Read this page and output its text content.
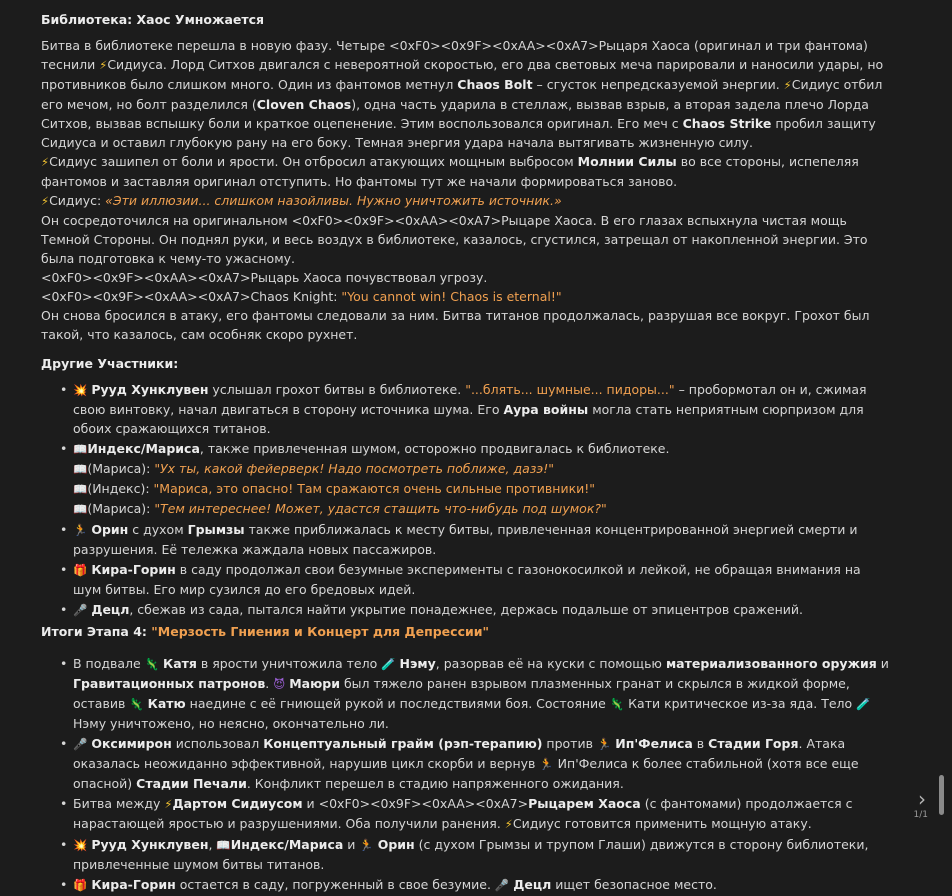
Библиотека: Хаос Умножается

Битва в библиотеке перешла в новую фазу. Четыре <0xF0><0x9F><0xAA><0xA7>Рыцаря Хаоса (оригинал и три фантома) теснили ⚡Сидиуса. Лорд Ситхов двигался с невероятной скоростью, его два световых меча парировали и наносили удары, но противников было слишком много. Один из фантомов метнул Chaos Bolt – сгусток непредсказуемой энергии. ⚡Сидиус отбил его мечом, но болт разделился (Cloven Chaos), одна часть ударила в стеллаж, вызвав взрыв, а вторая задела плечо Лорда Ситхов, вызвав вспышку боли и краткое оцепенение. Этим воспользовался оригинал. Его меч с Chaos Strike пробил защиту Сидиуса и оставил глубокую рану на его боку. Темная энергия удара начала вытягивать жизненную силу.

⚡Сидиус зашипел от боли и ярости. Он отбросил атакующих мощным выбросом Молнии Силы во все стороны, испепеляя фантомов и заставляя оригинал отступить. Но фантомы тут же начали формироваться заново.

⚡Сидиус: «Эти иллюзии... слишком назойливы. Нужно уничтожить источник.»

Он сосредоточился на оригинальном <0xF0><0x9F><0xAA><0xA7>Рыцаре Хаоса. В его глазах вспыхнула чистая мощь Темной Стороны. Он поднял руки, и весь воздух в библиотеке, казалось, сгустился, затрещал от накопленной энергии. Это была подготовка к чему-то ужасному.

<0xF0><0x9F><0xAA><0xA7>Рыцарь Хаоса почувствовал угрозу.

<0xF0><0x9F><0xAA><0xA7>Chaos Knight: "You cannot win! Chaos is eternal!"

Он снова бросился в атаку, его фантомы следовали за ним. Битва титанов продолжалась, разрушая все вокруг. Грохот был такой, что казалось, сам особняк скоро рухнет.

Другие Участники:

• 💥 Рууд Хунклувен услышал грохот битвы в библиотеке. "...блять... шумные... пидоры..." – пробормотал он и, сжимая свою винтовку, начал двигаться в сторону источника шума. Его Аура войны могла стать неприятным сюрпризом для обоих сражающихся титанов.
• 📖Индекс/Мариса, также привлеченная шумом, осторожно продвигалась к библиотеке.
📖(Мариса): "Ух ты, какой фейерверк! Надо посмотреть поближе, дазэ!"
📖(Индекс): "Мариса, это опасно! Там сражаются очень сильные противники!"
📖(Мариса): "Тем интереснее! Может, удастся стащить что-нибудь под шумок?"
• 🏃 Орин с духом Грымзы также приближалась к месту битвы, привлеченная концентрированной энергией смерти и разрушения. Её тележка жаждала новых пассажиров.
• 🎁 Кира-Горин в саду продолжал свои безумные эксперименты с газонокосилкой и лейкой, не обращая внимания на шум битвы. Его мир сузился до его бредовых идей.
• 🎤 Децл, сбежав из сада, пытался найти укрытие понадежнее, держась подальше от эпицентров сражений.

Итоги Этапа 4: "Мерзость Гниения и Концерт для Депрессии"

• В подвале 🦎 Катя в ярости уничтожила тело 🧪 Нэму, разорвав её на куски с помощью материализованного оружия и Гравитационных патронов. 😈 Маюри был тяжело ранен взрывом плазменных гранат и скрылся в жидкой форме, оставив 🦎 Катю наедине с её гниющей рукой и последствиями боя. Состояние 🦎 Кати критическое из-за яда. Тело 🧪 Нэму уничтожено, но неясно, окончательно ли.
• 🎤 Оксимирон использовал Концептуальный грайм (рэп-терапию) против 🏃 Ип'Фелиса в Стадии Горя. Атака оказалась неожиданно эффективной, нарушив цикл скорби и вернув 🏃 Ип'Фелиса к более стабильной (хотя все еще опасной) Стадии Печали. Конфликт перешел в стадию напряженного ожидания.
• Битва между ⚡Дартом Сидиусом и <0xF0><0x9F><0xAA><0xA7>Рыцарем Хаоса (с фантомами) продолжается с нарастающей яростью и разрушениями. Оба получили ранения. ⚡Сидиус готовится применить мощную атаку.
• 💥 Рууд Хунклувен, 📖Индекс/Мариса и 🏃 Орин (с духом Грымзы и трупом Глаши) движутся в сторону библиотеки, привлеченные шумом битвы титанов.
• 🎁 Кира-Горин остается в саду, погруженный в свое безумие. 🎤 Децл ищет безопасное место.
›
1/1
